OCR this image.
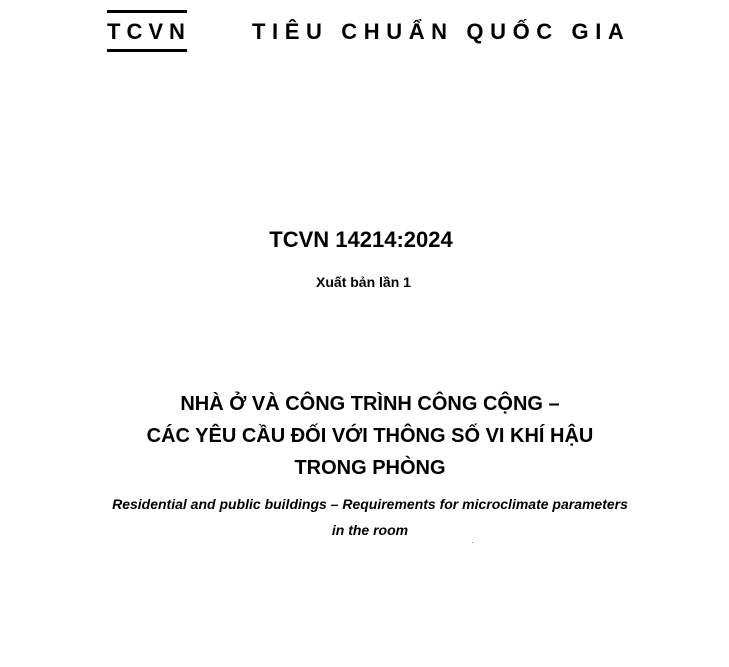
TCVN	TIÊU CHUẨN QUỐC GIA
TCVN 14214:2024
Xuất bản lần 1
NHÀ Ở VÀ CÔNG TRÌNH CÔNG CỘNG –
CÁC YÊU CẦU ĐỐI VỚI THÔNG SỐ VI KHÍ HẬU
TRONG PHÒNG
Residential and public buildings – Requirements for microclimate parameters
in the room
